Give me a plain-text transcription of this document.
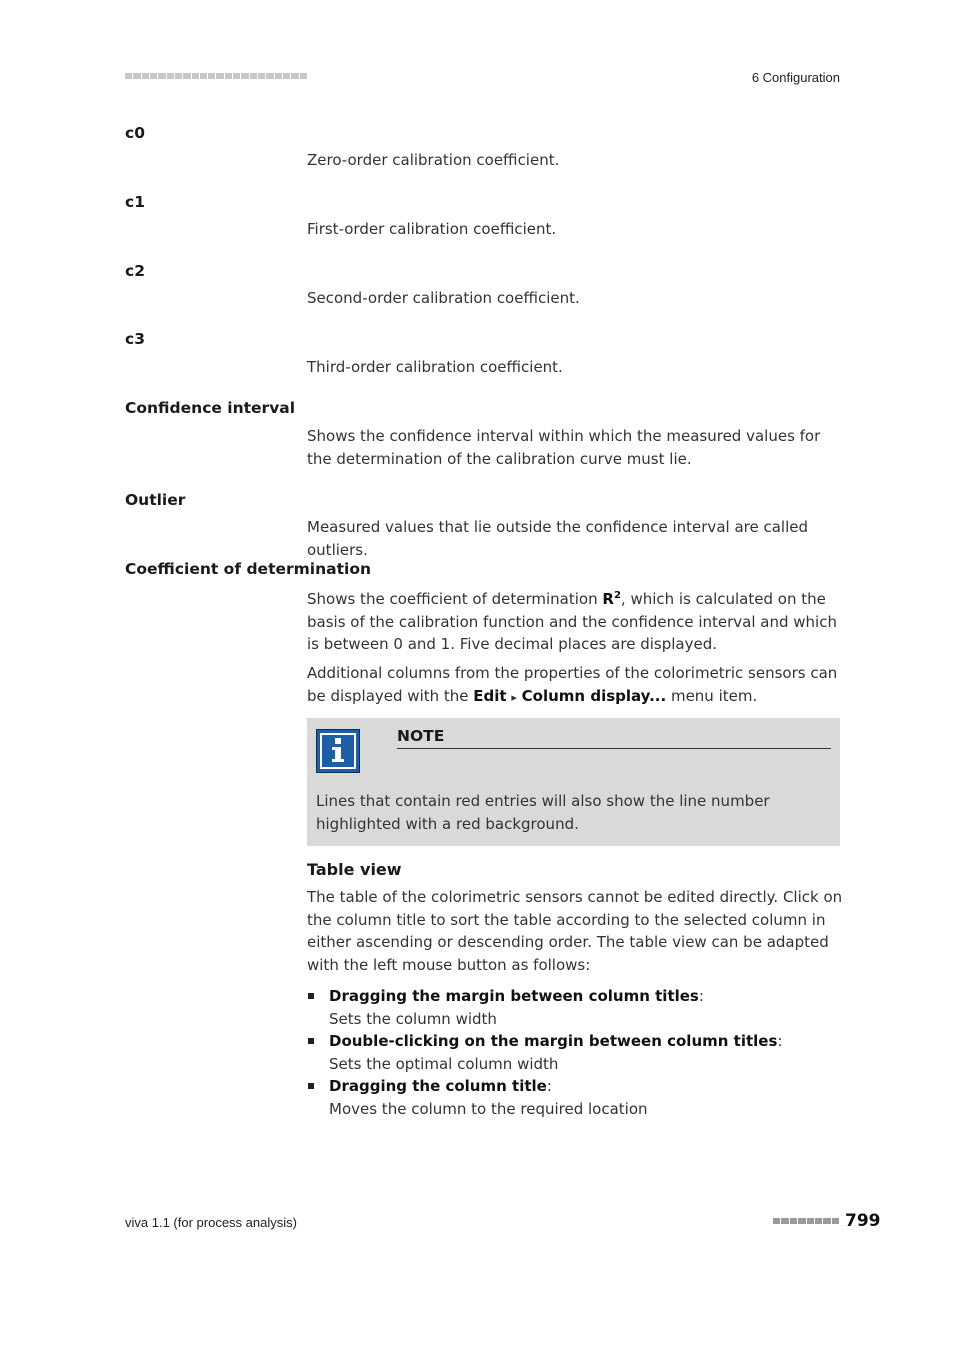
6 Configuration
c0
Zero-order calibration coefficient.
c1
First-order calibration coefficient.
c2
Second-order calibration coefficient.
c3
Third-order calibration coefficient.
Confidence interval
Shows the confidence interval within which the measured values for the determination of the calibration curve must lie.
Outlier
Measured values that lie outside the confidence interval are called outliers.
Coefficient of determination
Shows the coefficient of determination $R^2$, which is calculated on the basis of the calibration function and the confidence interval and which is between 0 and 1. Five decimal places are displayed.
Additional columns from the properties of the colorimetric sensors can be displayed with the Edit ▸ Column display... menu item.
NOTE
Lines that contain red entries will also show the line number highlighted with a red background.
Table view
The table of the colorimetric sensors cannot be edited directly. Click on the column title to sort the table according to the selected column in either ascending or descending order. The table view can be adapted with the left mouse button as follows:
Dragging the margin between column titles:
Sets the column width
Double-clicking on the margin between column titles:
Sets the optimal column width
Dragging the column title:
Moves the column to the required location
viva 1.1 (for process analysis)	799
